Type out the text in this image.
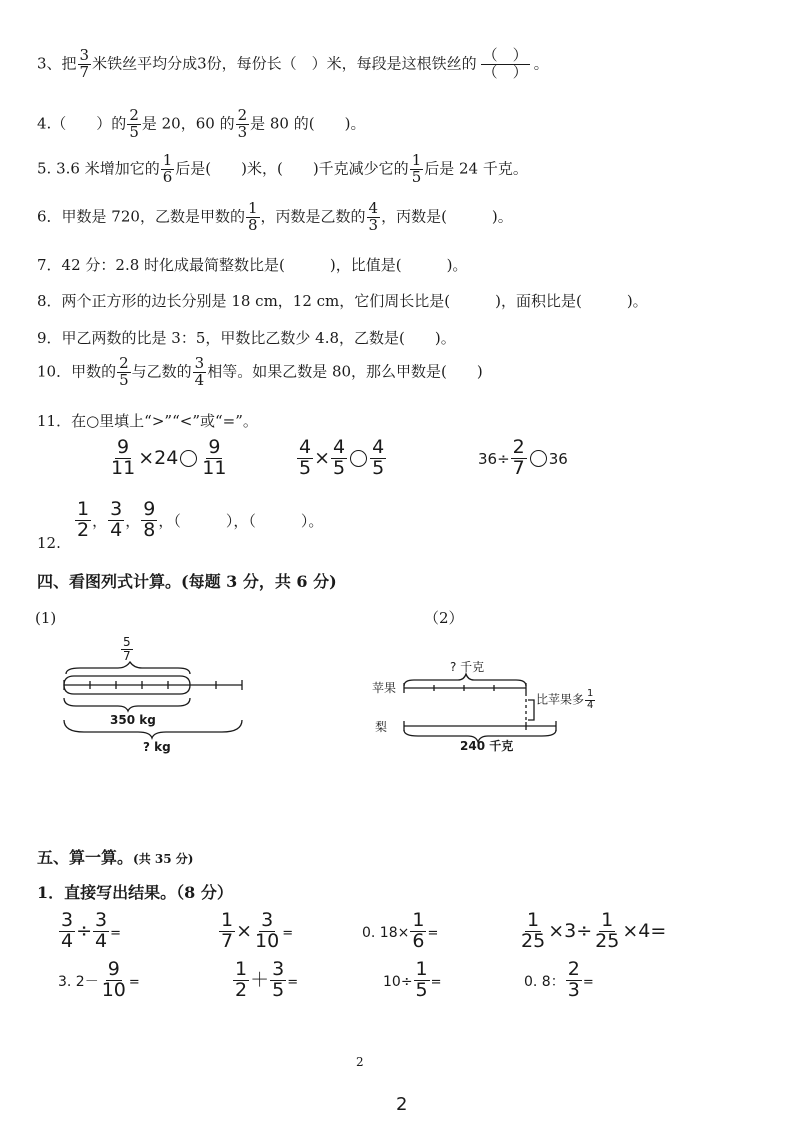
3、把 $\frac{3}{7}$ 米铁丝平均分成3份，每份长（　）米，每段是这根铁丝的 $\frac{( )}{( )}$ 。
4.（　　）的 $\frac{2}{5}$ 是 20，60 的 $\frac{2}{3}$ 是 80 的(　　)。
5. 3.6 米增加它的 $\frac{1}{6}$ 后是(　　)米，(　　)千克减少它的 $\frac{1}{5}$ 后是 24 千克。
6．甲数是 720，乙数是甲数的 $\frac{1}{8}$ ，丙数是乙数的 $\frac{4}{3}$ ，丙数是(　　　)。
7．42 分：2.8 时化成最简整数比是(　　　)，比值是(　　　)。
8．两个正方形的边长分别是 18 cm，12 cm，它们周长比是(　　　)，面积比是(　　　)。
9．甲乙两数的比是 3：5，甲数比乙数少 4.8，乙数是(　　)。
10．甲数的 $\frac{2}{5}$ 与乙数的 $\frac{3}{4}$ 相等。如果乙数是 80，那么甲数是(　　)
11．在○里填上“>”“<”或“=”。
$\frac{9}{11} \times 24 \frac{9}{11}$	$\frac{4}{5} \times \frac{4}{5} \frac{4}{5}$	$36\div \frac{2}{7} 36$
12.
$\frac{1}{2}$ ， $\frac{3}{4}$ ， $\frac{9}{8}$ ，（　　　），（　　　）。
四、看图列式计算。(每题 3 分，共 6 分)
(1)	（2）
$\frac{5}{7}$
350 kg
? kg
苹果
梨
? 千克
比苹果多 $\frac{1}{4}$
240 千克
五、算一算。(共 35 分)
1．直接写出结果。（8 分）
$\frac{3}{4} \div \frac{3}{4}$ =	$\frac{1}{7} \times \frac{3}{10}$ =	0. $18\times \frac{1}{6}$ =	$\frac{1}{25} \times 3\div \frac{1}{25} \times 4=$
3. $2- \frac{9}{10}$ =	$\frac{1}{2} + \frac{3}{5}$ =	$10\div \frac{1}{5}$ =	0. 8： $\frac{2}{3}$ =
2
2
